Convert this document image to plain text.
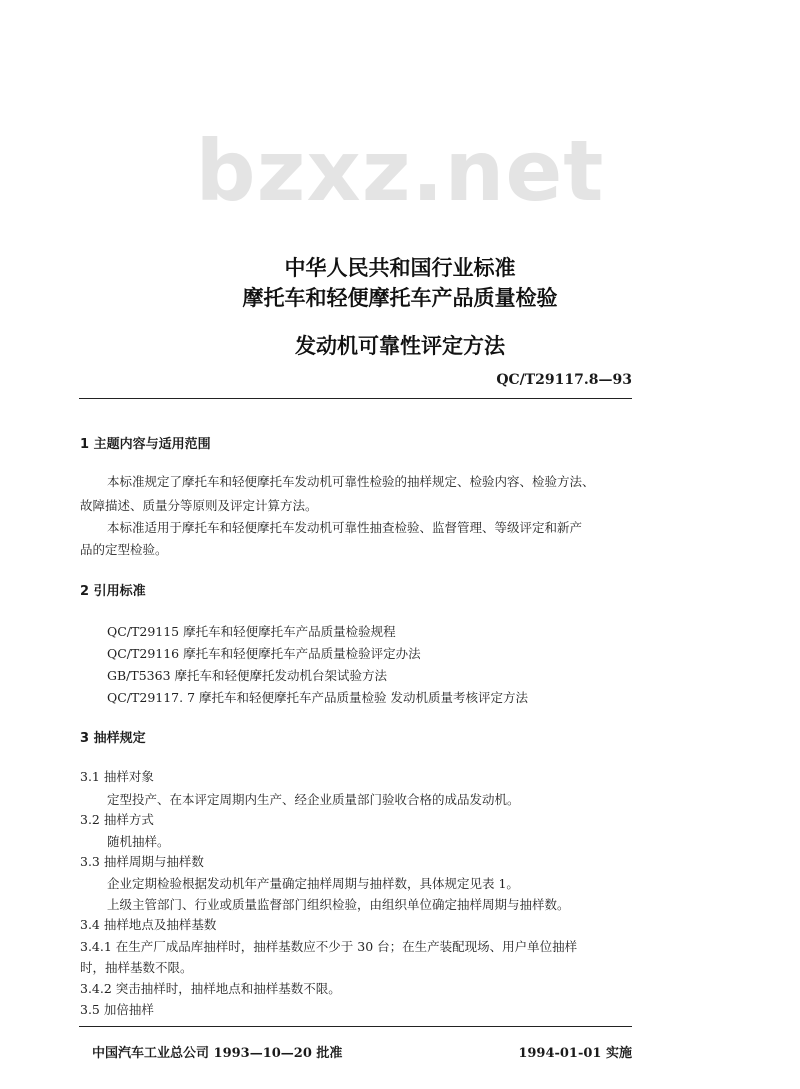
bzxz.net
中华人民共和国行业标准
摩托车和轻便摩托车产品质量检验
发动机可靠性评定方法
QC/T29117.8—93
1 主题内容与适用范围
本标准规定了摩托车和轻便摩托车发动机可靠性检验的抽样规定、检验内容、检验方法、
故障描述、质量分等原则及评定计算方法。
本标准适用于摩托车和轻便摩托车发动机可靠性抽查检验、监督管理、等级评定和新产
品的定型检验。
2 引用标准
QC/T29115 摩托车和轻便摩托车产品质量检验规程
QC/T29116 摩托车和轻便摩托车产品质量检验评定办法
GB/T5363 摩托车和轻便摩托发动机台架试验方法
QC/T29117. 7 摩托车和轻便摩托车产品质量检验 发动机质量考核评定方法
3 抽样规定
3.1 抽样对象
定型投产、在本评定周期内生产、经企业质量部门验收合格的成品发动机。
3.2 抽样方式
随机抽样。
3.3 抽样周期与抽样数
企业定期检验根据发动机年产量确定抽样周期与抽样数，具体规定见表 1。
上级主管部门、行业或质量监督部门组织检验，由组织单位确定抽样周期与抽样数。
3.4 抽样地点及抽样基数
3.4.1 在生产厂成品库抽样时，抽样基数应不少于 30 台；在生产装配现场、用户单位抽样
时，抽样基数不限。
3.4.2 突击抽样时，抽样地点和抽样基数不限。
3.5 加倍抽样
中国汽车工业总公司 1993—10—20 批准	1994-01-01 实施
